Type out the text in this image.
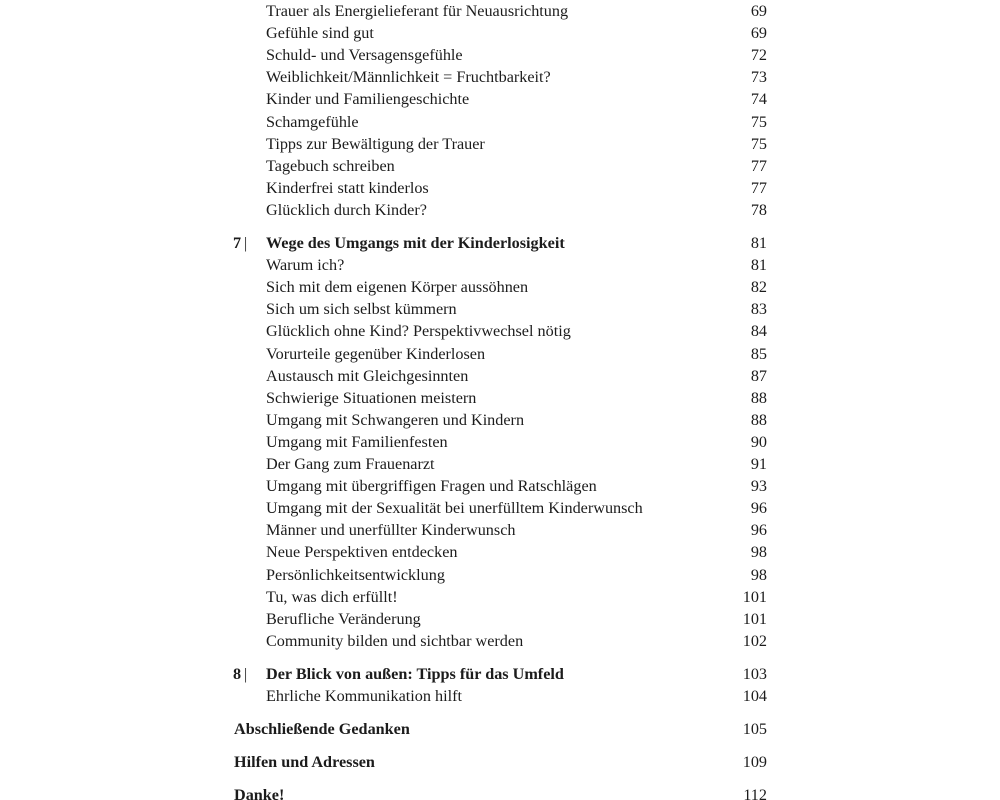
Trauer als Energielieferant für Neuausrichtung	69
Gefühle sind gut	69
Schuld- und Versagensgefühle	72
Weiblichkeit/Männlichkeit = Fruchtbarkeit?	73
Kinder und Familiengeschichte	74
Schamgefühle	75
Tipps zur Bewältigung der Trauer	75
Tagebuch schreiben	77
Kinderfrei statt kinderlos	77
Glücklich durch Kinder?	78
7 | Wege des Umgangs mit der Kinderlosigkeit	81
Warum ich?	81
Sich mit dem eigenen Körper aussöhnen	82
Sich um sich selbst kümmern	83
Glücklich ohne Kind? Perspektivwechsel nötig	84
Vorurteile gegenüber Kinderlosen	85
Austausch mit Gleichgesinnten	87
Schwierige Situationen meistern	88
Umgang mit Schwangeren und Kindern	88
Umgang mit Familienfesten	90
Der Gang zum Frauenarzt	91
Umgang mit übergriffigen Fragen und Ratschlägen	93
Umgang mit der Sexualität bei unerfülltem Kinderwunsch	96
Männer und unerfüllter Kinderwunsch	96
Neue Perspektiven entdecken	98
Persönlichkeitsentwicklung	98
Tu, was dich erfüllt!	101
Berufliche Veränderung	101
Community bilden und sichtbar werden	102
8 | Der Blick von außen: Tipps für das Umfeld	103
Ehrliche Kommunikation hilft	104
Abschließende Gedanken	105
Hilfen und Adressen	109
Danke!	112
